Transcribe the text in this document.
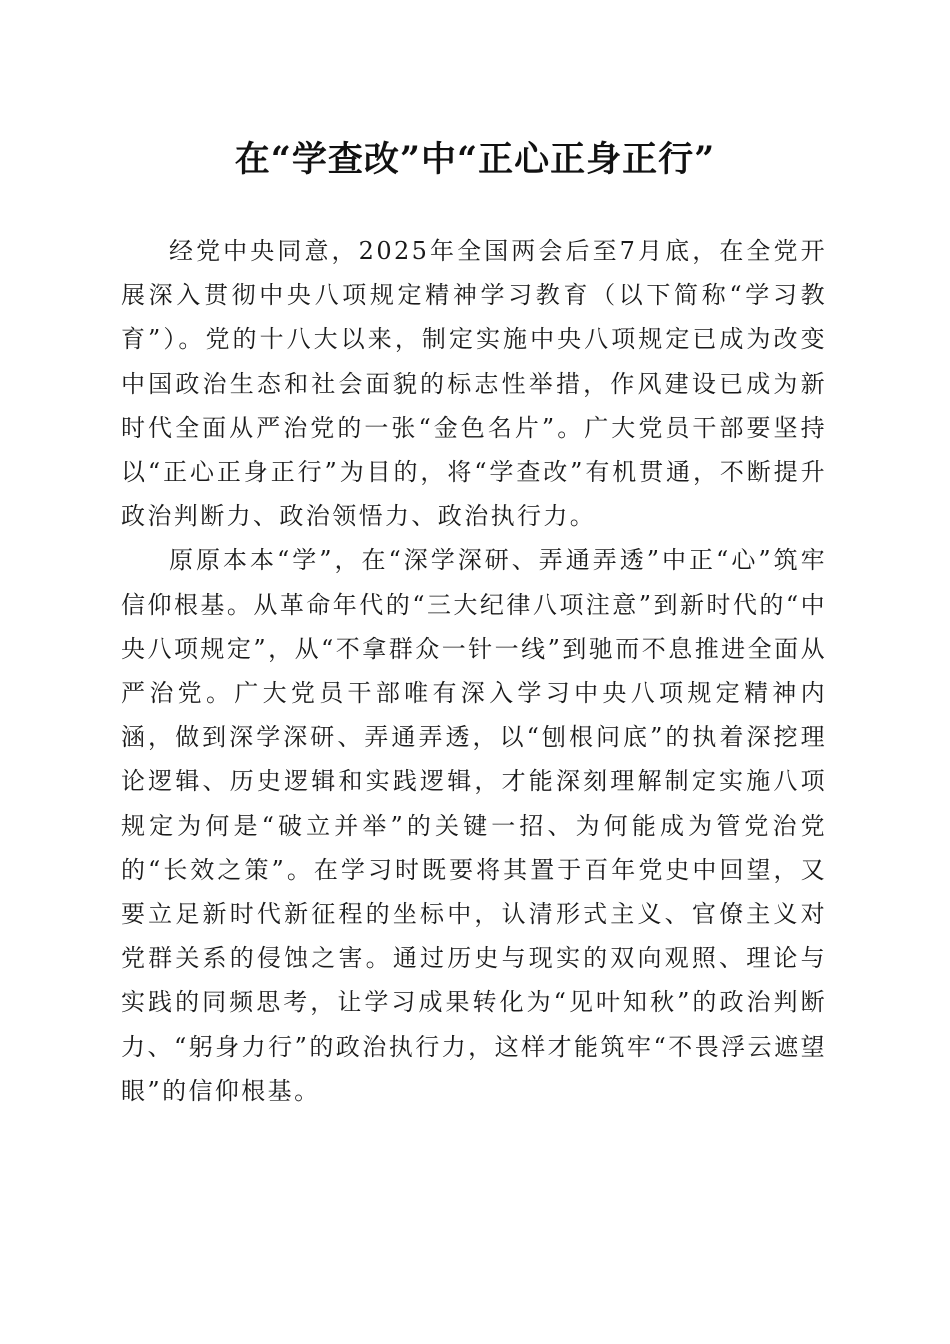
在“学查改”中“正心正身正行”

经党中央同意，2025年全国两会后至7月底，在全党开展深入贯彻中央八项规定精神学习教育（以下简称“学习教育”）。党的十八大以来，制定实施中央八项规定已成为改变中国政治生态和社会面貌的标志性举措，作风建设已成为新时代全面从严治党的一张“金色名片”。广大党员干部要坚持以“正心正身正行”为目的，将“学查改”有机贯通，不断提升政治判断力、政治领悟力、政治执行力。

原原本本“学”，在“深学深研、弄通弄透”中正“心”筑牢信仰根基。从革命年代的“三大纪律八项注意”到新时代的“中央八项规定”，从“不拿群众一针一线”到驰而不息推进全面从严治党。广大党员干部唯有深入学习中央八项规定精神内涵，做到深学深研、弄通弄透，以“刨根问底”的执着深挖理论逻辑、历史逻辑和实践逻辑，才能深刻理解制定实施八项规定为何是“破立并举”的关键一招、为何能成为管党治党的“长效之策”。在学习时既要将其置于百年党史中回望，又要立足新时代新征程的坐标中，认清形式主义、官僚主义对党群关系的侵蚀之害。通过历史与现实的双向观照、理论与实践的同频思考，让学习成果转化为“见叶知秋”的政治判断力、“躬身力行”的政治执行力，这样才能筑牢“不畏浮云遮望眼”的信仰根基。
